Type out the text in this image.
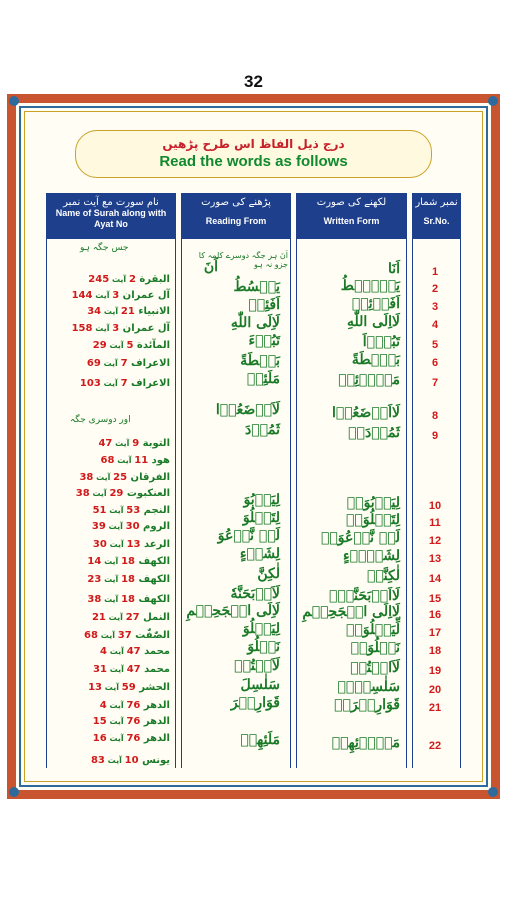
32
درج ذیل الفاظ اس طرح پڑھیں
Read the words as follows
نام سورت مع آیت نمبر
Name of Surah along with Ayat No
پڑھنے کی صورت
Reading From
لکھنے کی صورت
Written Form
نمبر شمار
Sr.No.
جس جگہ ہو
اور دوسری جگہ
اَنَ ہر جگہ دوسرے کلمہ کا جزو نہ ہو
1
اَنَا
اَنَ
2
يَبۡصُۜطُ
يَبۡسُطُ
3
اَفَا۟ئِنۡ
اَفَئِنۡ
4
لَااِلَى اللّٰهِ
لَاِلَى اللّٰهِ
5
تَبُوۡٓاَ
تَبُوۡءَ
6
بَصۜۡطَةً
بَسۡطَةً
7
مَلَا۟ئِهٖ
مَلَئِهٖ
8
لَااَوۡضَعُوۡا
لَاَوۡضَعُوۡا
9
ثَمُوۡدَا۟
ثَمُوۡدَ
10
لِيَرۡبُوَا۟
لِيَرۡبُوَ
11
لِتَتۡلُوَا۟
لِتَتۡلُوَ
12
لَنۡ نَّدۡعُوَا۟
لَنۡ نَّدۡعُوَ
13
لِشَاۡىۡءٍ
لِشَىۡءٍ
14
لٰكِنَّا۟
لٰكِنَّ
15
لَااَذۡبَحَنَّهٗۤ
لَاَذۡبَحَنَّهٗ
16
لَااِلَى الۡجَحِيۡمِ
لَاِلَى الۡجَحِيۡمِ
17
لِّيَبۡلُوَا۟
لِيَبۡلُوَ
18
نَبۡلُوَا۟
نَبۡلُوَ
19
لَاَانۡتُمۡ
لَاَنۡتُمۡ
20
سَلٰسِلَا۟
سَلٰسِلَ
21
قَوَارِيۡرَا۟
قَوَارِيۡرَ
22
مَلَا۟ئِهِمۡ
مَلَئِهِمۡ
البقرة 2 آیت 245
آل عمران 3 آیت 144
الانبیاء 21 آیت 34
آل عمران 3 آیت 158
المآئدة 5 آیت 29
الاعراف 7 آیت 69
الاعراف 7 آیت 103
التوبة 9 آیت 47
هود 11 آیت 68
الفرقان 25 آیت 38
العنكبوت 29 آیت 38
النجم 53 آیت 51
الروم 30 آیت 39
الرعد 13 آیت 30
الکهف 18 آیت 14
الکهف 18 آیت 23
الکهف 18 آیت 38
النمل 27 آیت 21
الصّٰفّٰت 37 آیت 68
محمد 47 آیت 4
محمد 47 آیت 31
الحشر 59 آیت 13
الدھر 76 آیت 4
الدھر 76 آیت 15
الدھر 76 آیت 16
یونس 10 آیت 83
